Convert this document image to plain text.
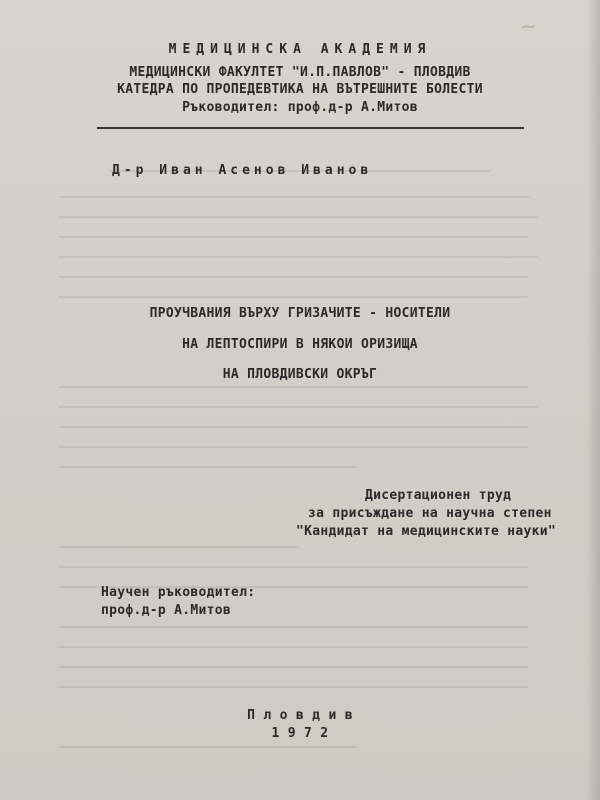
~
МЕДИЦИНСКА АКАДЕМИЯ
МЕДИЦИНСКИ ФАКУЛТЕТ "И.П.ПАВЛОВ" - ПЛОВДИВ
КАТЕДРА ПО ПРОПЕДЕВТИКА НА ВЪТРЕШНИТЕ БОЛЕСТИ
Ръководител: проф.д-р А.Митов
Д-р Иван Асенов Иванов
ПРОУЧВАНИЯ ВЪРХУ ГРИЗАЧИТЕ - НОСИТЕЛИ
НА ЛЕПТОСПИРИ В НЯКОИ ОРИЗИЩА
НА ПЛОВДИВСКИ ОКРЪГ
Дисертационен труд
за присъждане на научна степен
"Кандидат на медицинските науки"
Научен ръководител:
проф.д-р А.Митов
П л о в д и в
1 9 7 2
